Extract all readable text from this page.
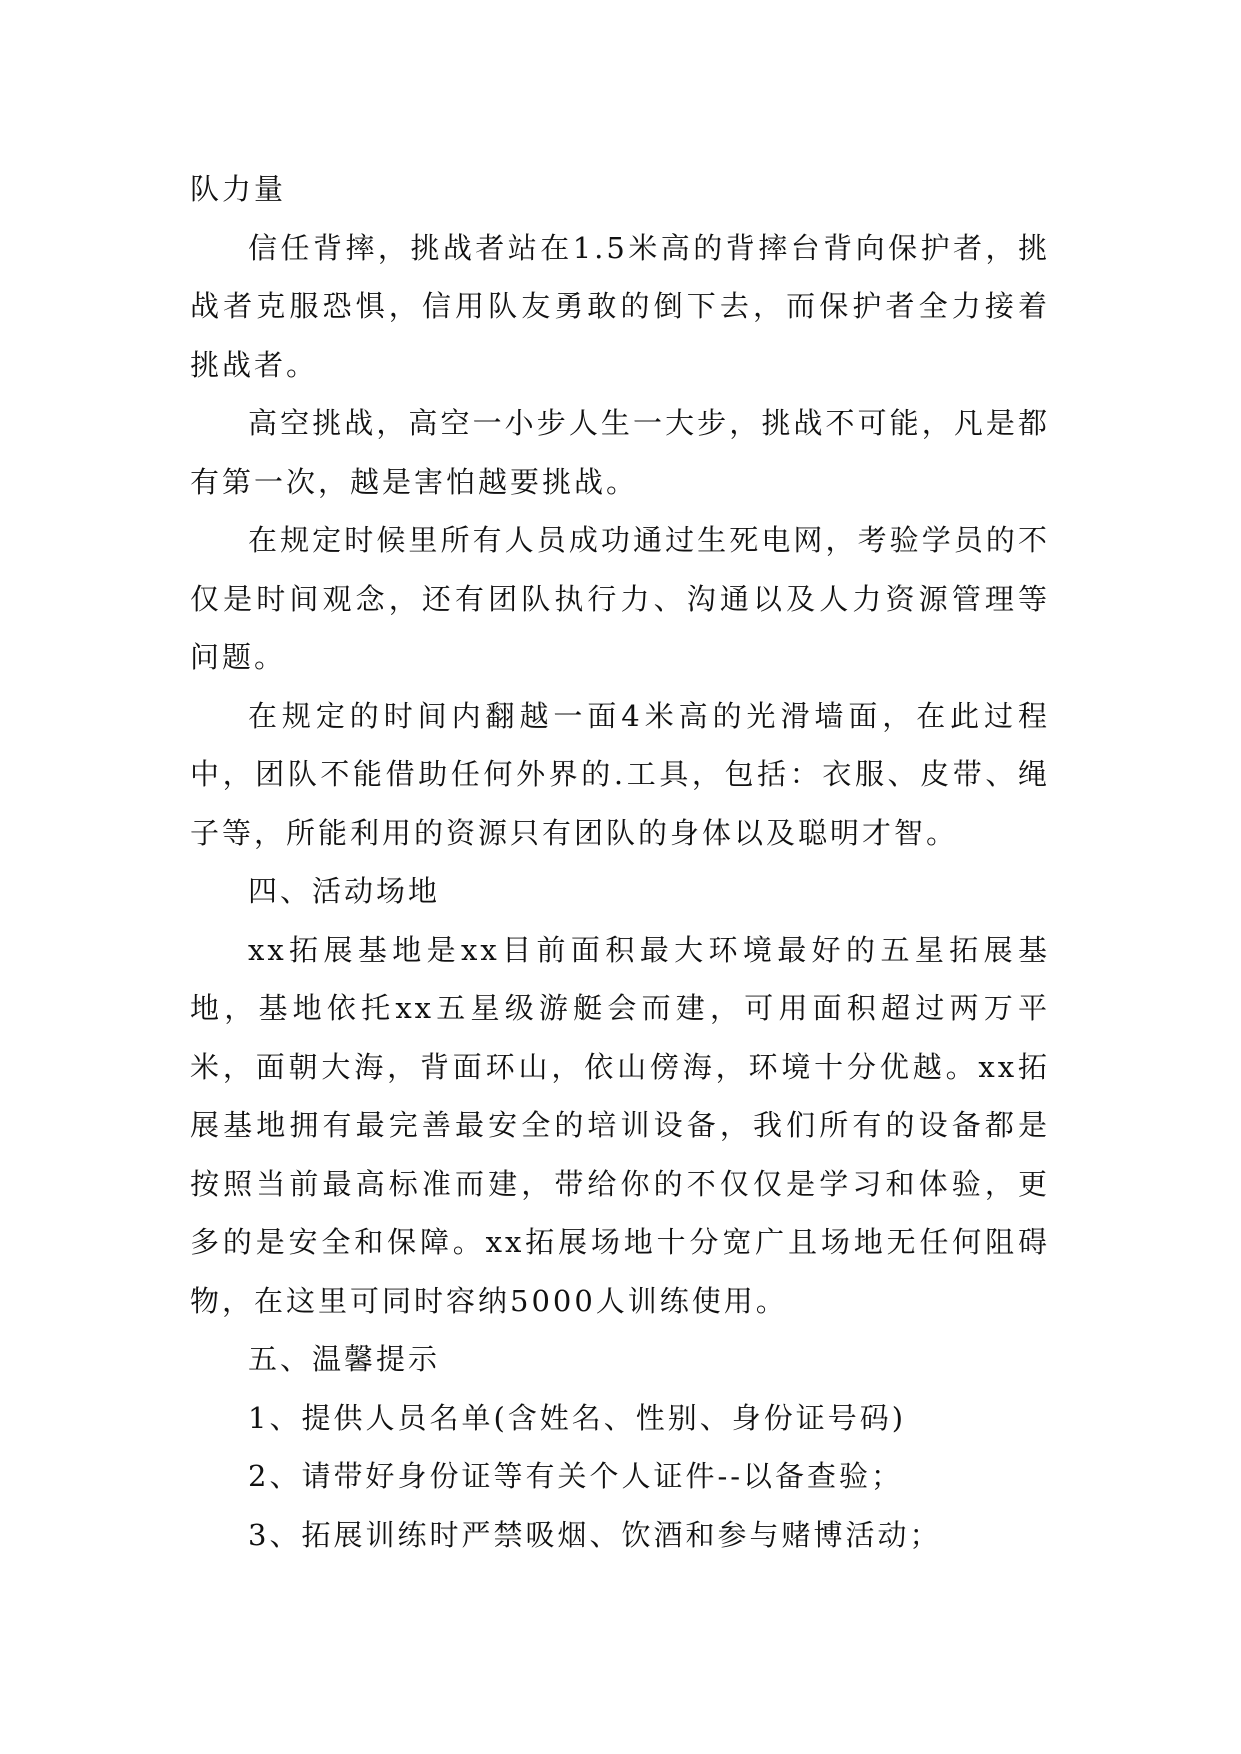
队力量

信任背摔，挑战者站在1.5米高的背摔台背向保护者，挑战者克服恐惧，信用队友勇敢的倒下去，而保护者全力接着挑战者。

高空挑战，高空一小步人生一大步，挑战不可能，凡是都有第一次，越是害怕越要挑战。

在规定时候里所有人员成功通过生死电网，考验学员的不仅是时间观念，还有团队执行力、沟通以及人力资源管理等问题。

在规定的时间内翻越一面4米高的光滑墙面，在此过程中，团队不能借助任何外界的.工具，包括：衣服、皮带、绳子等，所能利用的资源只有团队的身体以及聪明才智。

四、活动场地

xx拓展基地是xx目前面积最大环境最好的五星拓展基地，基地依托xx五星级游艇会而建，可用面积超过两万平米，面朝大海，背面环山，依山傍海，环境十分优越。xx拓展基地拥有最完善最安全的培训设备，我们所有的设备都是按照当前最高标准而建，带给你的不仅仅是学习和体验，更多的是安全和保障。xx拓展场地十分宽广且场地无任何阻碍物，在这里可同时容纳5000人训练使用。

五、温馨提示

1、提供人员名单(含姓名、性别、身份证号码)

2、请带好身份证等有关个人证件--以备查验；

3、拓展训练时严禁吸烟、饮酒和参与赌博活动；
